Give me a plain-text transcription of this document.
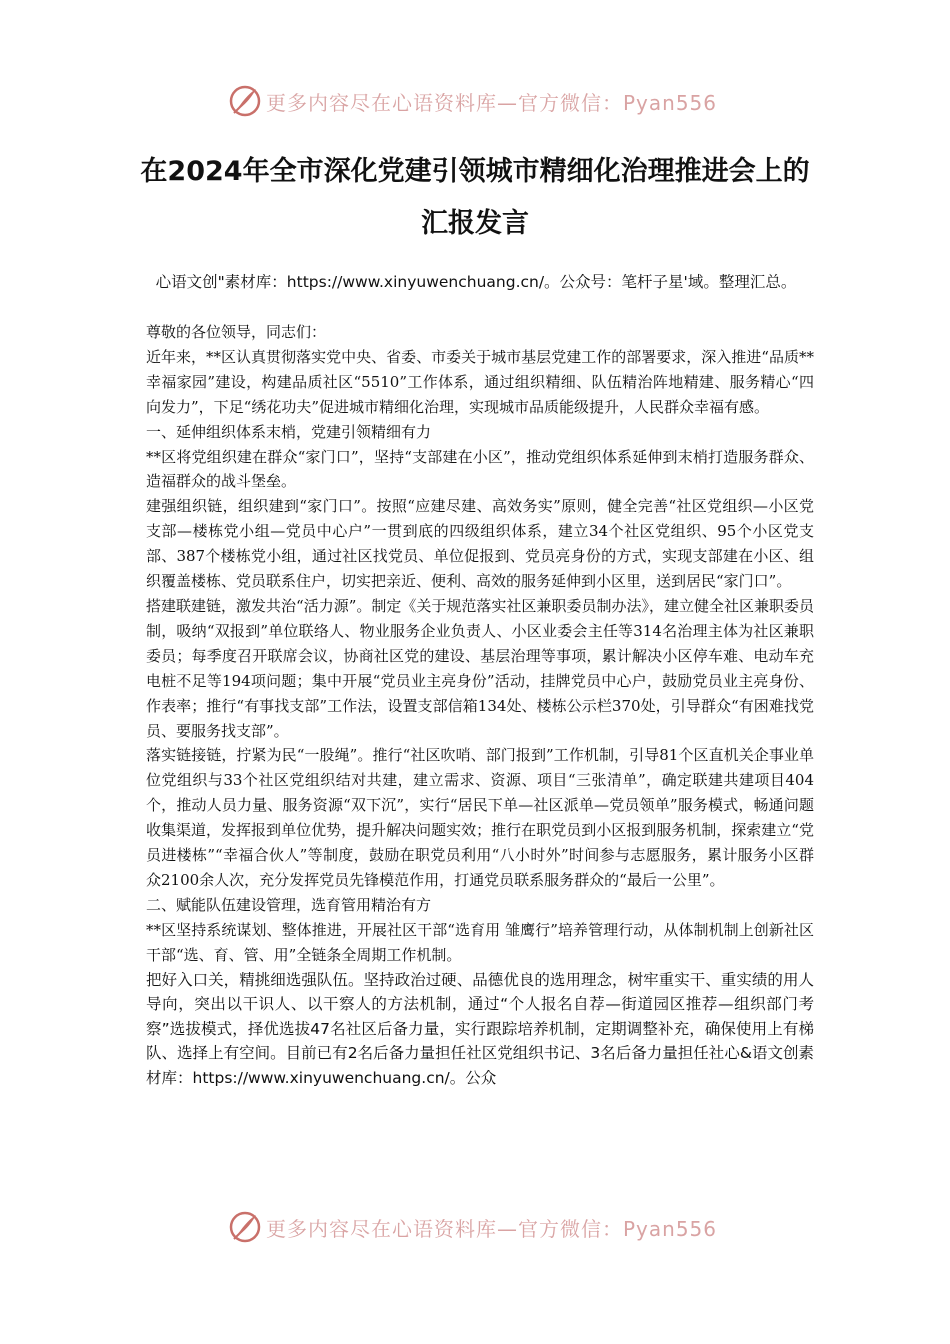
更多内容尽在心语资料库—官方微信：Pyan556
在2024年全市深化党建引领城市精细化治理推进会上的汇报发言
心语文创"素材库：https://www.xinyuwenchuang.cn/。公众号：笔杆子星'域。整理汇总。

尊敬的各位领导，同志们：

近年来，**区认真贯彻落实党中央、省委、市委关于城市基层党建工作的部署要求，深入推进“品质** 幸福家园”建设，构建品质社区“5510”工作体系，通过组织精细、队伍精治阵地精建、服务精心“四向发力”，下足“绣花功夫”促进城市精细化治理，实现城市品质能级提升，人民群众幸福有感。

一、延伸组织体系末梢，党建引领精细有力

**区将党组织建在群众“家门口”，坚持“支部建在小区”，推动党组织体系延伸到末梢打造服务群众、造福群众的战斗堡垒。

建强组织链，组织建到“家门口”。按照“应建尽建、高效务实”原则，健全完善“社区党组织—小区党支部—楼栋党小组—党员中心户”一贯到底的四级组织体系，建立34个社区党组织、95个小区党支部、387个楼栋党小组，通过社区找党员、单位促报到、党员亮身份的方式，实现支部建在小区、组织覆盖楼栋、党员联系住户，切实把亲近、便利、高效的服务延伸到小区里，送到居民“家门口”。

搭建联建链，激发共治“活力源”。制定《关于规范落实社区兼职委员制办法》，建立健全社区兼职委员制，吸纳“双报到”单位联络人、物业服务企业负责人、小区业委会主任等314名治理主体为社区兼职委员；每季度召开联席会议，协商社区党的建设、基层治理等事项，累计解决小区停车难、电动车充电桩不足等194项问题；集中开展“党员业主亮身份”活动，挂牌党员中心户，鼓励党员业主亮身份、作表率；推行“有事找支部”工作法，设置支部信箱134处、楼栋公示栏370处，引导群众“有困难找党员、要服务找支部”。

落实链接链，拧紧为民“一股绳”。推行“社区吹哨、部门报到”工作机制，引导81个区直机关企事业单位党组织与33个社区党组织结对共建，建立需求、资源、项目“三张清单”，确定联建共建项目404个，推动人员力量、服务资源“双下沉”，实行“居民下单—社区派单—党员领单”服务模式，畅通问题收集渠道，发挥报到单位优势，提升解决问题实效；推行在职党员到小区报到服务机制，探索建立“党员进楼栋”“幸福合伙人”等制度，鼓励在职党员利用“八小时外”时间参与志愿服务，累计服务小区群众2100余人次，充分发挥党员先锋模范作用，打通党员联系服务群众的“最后一公里”。

二、赋能队伍建设管理，选育管用精治有方

**区坚持系统谋划、整体推进，开展社区干部“选育用 雏鹰行”培养管理行动，从体制机制上创新社区干部“选、育、管、用”全链条全周期工作机制。

把好入口关，精挑细选强队伍。坚持政治过硬、品德优良的选用理念，树牢重实干、重实绩的用人导向，突出以干识人、以干察人的方法机制，通过“个人报名自荐—街道园区推荐—组织部门考察”选拔模式，择优选拔47名社区后备力量，实行跟踪培养机制，定期调整补充，确保使用上有梯队、选择上有空间。目前已有2名后备力量担任社区党组织书记、3名后备力量担任社心&语文创素材库：https://www.xinyuwenchuang.cn/。公众

更多内容尽在心语资料库—官方微信：Pyan556
